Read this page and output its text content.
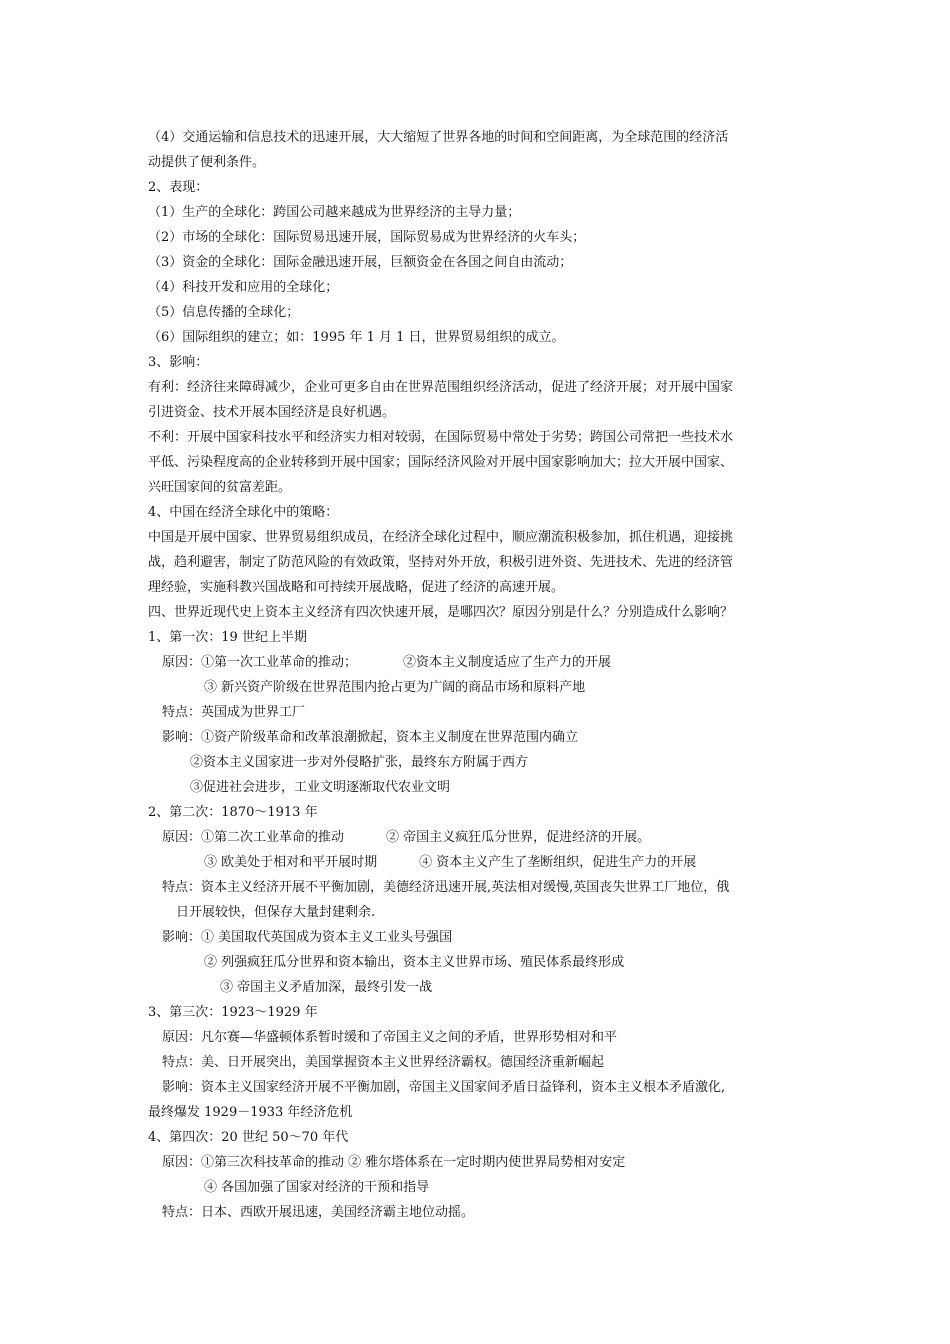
（4）交通运输和信息技术的迅速开展，大大缩短了世界各地的时间和空间距离，为全球范围的经济活
动提供了便利条件。
2、表现：
（1）生产的全球化：跨国公司越来越成为世界经济的主导力量；
（2）市场的全球化：国际贸易迅速开展，国际贸易成为世界经济的火车头；
（3）资金的全球化：国际金融迅速开展，巨额资金在各国之间自由流动；
（4）科技开发和应用的全球化；
（5）信息传播的全球化；
（6）国际组织的建立；如：1995 年 1 月 1 日，世界贸易组织的成立。
3、影响：
有利：经济往来障碍减少，企业可更多自由在世界范围组织经济活动，促进了经济开展；对开展中国家
引进资金、技术开展本国经济是良好机遇。
不利：开展中国家科技水平和经济实力相对较弱，在国际贸易中常处于劣势；跨国公司常把一些技术水
平低、污染程度高的企业转移到开展中国家；国际经济风险对开展中国家影响加大；拉大开展中国家、
兴旺国家间的贫富差距。
4、中国在经济全球化中的策略：
中国是开展中国家、世界贸易组织成员，在经济全球化过程中，顺应潮流积极参加，抓住机遇，迎接挑
战，趋利避害，制定了防范风险的有效政策，坚持对外开放，积极引进外资、先进技术、先进的经济管
理经验，实施科教兴国战略和可持续开展战略，促进了经济的高速开展。
四、世界近现代史上资本主义经济有四次快速开展，是哪四次？原因分别是什么？分别造成什么影响？
1、第一次：19 世纪上半期
原因：①第一次工业革命的推动；	②资本主义制度适应了生产力的开展
③ 新兴资产阶级在世界范围内抢占更为广阔的商品市场和原料产地
特点：英国成为世界工厂
影响：①资产阶级革命和改革浪潮掀起，资本主义制度在世界范围内确立
②资本主义国家进一步对外侵略扩张，最终东方附属于西方
③促进社会进步，工业文明逐渐取代农业文明
2、第二次：1870～1913 年
原因：①第二次工业革命的推动	② 帝国主义疯狂瓜分世界，促进经济的开展。
③ 欧美处于相对和平开展时期	④ 资本主义产生了垄断组织，促进生产力的开展
特点：资本主义经济开展不平衡加剧，美德经济迅速开展,英法相对缓慢,英国丧失世界工厂地位，俄
日开展较快，但保存大量封建剩余.
影响：① 美国取代英国成为资本主义工业头号强国
② 列强疯狂瓜分世界和资本输出，资本主义世界市场、殖民体系最终形成
③ 帝国主义矛盾加深，最终引发一战
3、第三次：1923～1929 年
原因：凡尔赛—华盛顿体系暂时缓和了帝国主义之间的矛盾，世界形势相对和平
特点：美、日开展突出，美国掌握资本主义世界经济霸权。德国经济重新崛起
影响：资本主义国家经济开展不平衡加剧，帝国主义国家间矛盾日益锋利，资本主义根本矛盾激化,
最终爆发 1929－1933 年经济危机
4、第四次：20 世纪 50～70 年代
原因：①第三次科技革命的推动 ② 雅尔塔体系在一定时期内使世界局势相对安定
④ 各国加强了国家对经济的干预和指导
特点：日本、西欧开展迅速，美国经济霸主地位动摇。
